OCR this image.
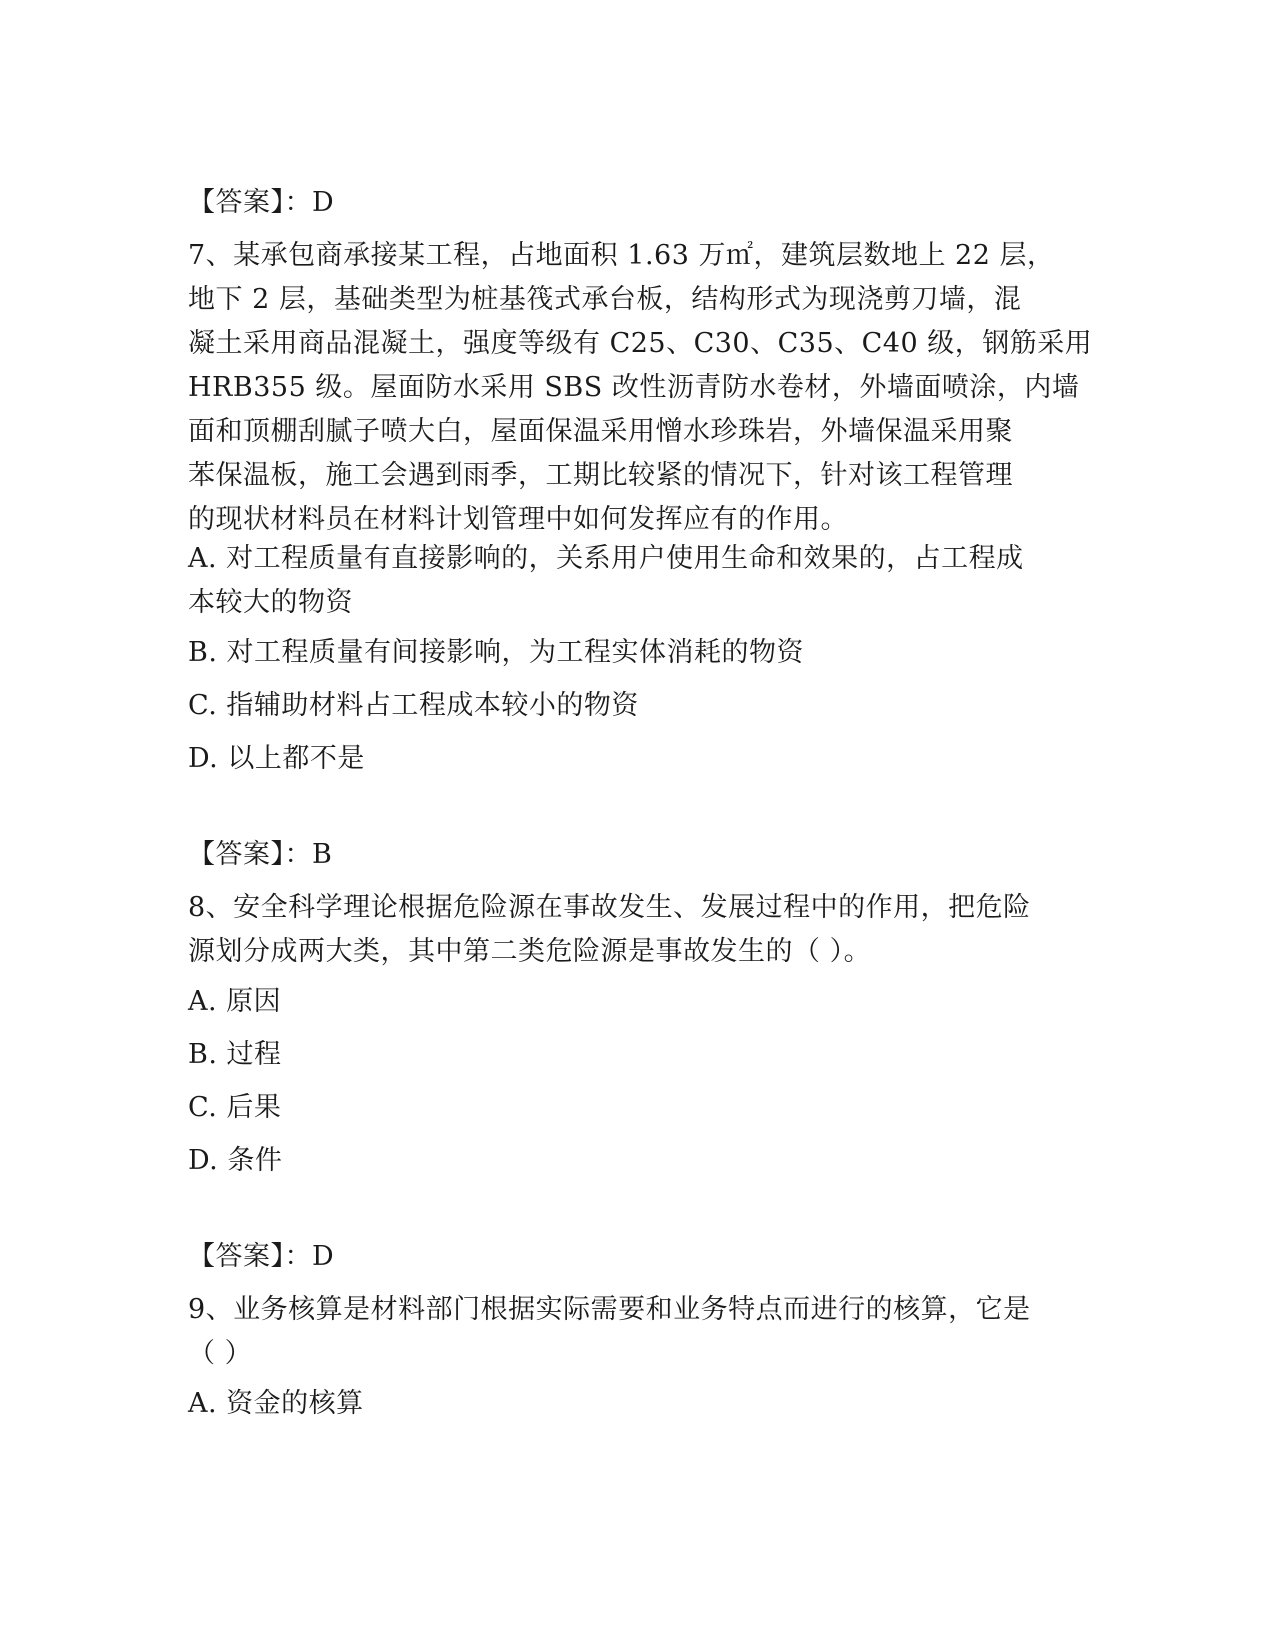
【答案】：D
7、某承包商承接某工程，占地面积 1.63 万㎡，建筑层数地上 22 层，
地下 2 层，基础类型为桩基筏式承台板，结构形式为现浇剪刀墙，混
凝土采用商品混凝土，强度等级有 C25、C30、C35、C40 级，钢筋采用
HRB355 级。屋面防水采用 SBS 改性沥青防水卷材，外墙面喷涂，内墙
面和顶棚刮腻子喷大白，屋面保温采用憎水珍珠岩，外墙保温采用聚
苯保温板，施工会遇到雨季，工期比较紧的情况下，针对该工程管理
的现状材料员在材料计划管理中如何发挥应有的作用。
A. 对工程质量有直接影响的，关系用户使用生命和效果的，占工程成
本较大的物资
B. 对工程质量有间接影响，为工程实体消耗的物资
C. 指辅助材料占工程成本较小的物资
D. 以上都不是
【答案】：B
8、安全科学理论根据危险源在事故发生、发展过程中的作用，把危险
源划分成两大类，其中第二类危险源是事故发生的（ ）。
A. 原因
B. 过程
C. 后果
D. 条件
【答案】：D
9、业务核算是材料部门根据实际需要和业务特点而进行的核算，它是
（ ）
A. 资金的核算
